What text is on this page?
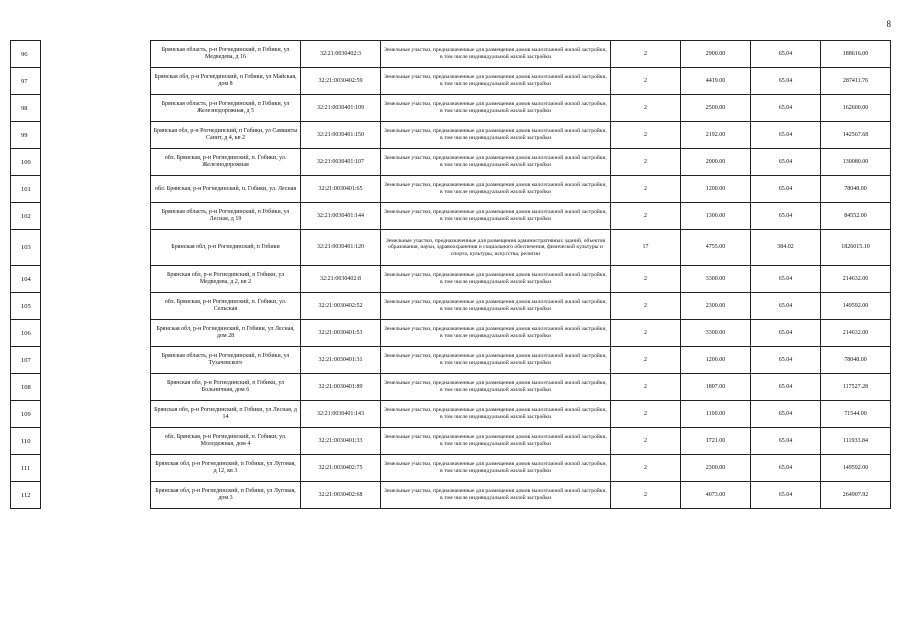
8
96		Брянская область, р-н Рогнединский, п Гобики, ул Медведева, д 16	32:21:0030402:3	Земельные участки, предназначенные для размещения домов малоэтажной жилой застройки, в том числе индивидуальной жилой застройки	2	2900.00	65.04	188616.00
97		Брянская обл, р-н Рогнединский, п Гобики, ул Майская, дом 8	32:21:0030402:59	Земельные участки, предназначенные для размещения домов малоэтажной жилой застройки, в том числе индивидуальной жилой застройки	2	4419.00	65.04	287411.76
98		Брянская область, р-н Рогнединский, п Гобики, ул Железнодорожная, д 5	32:21:0030401:109	Земельные участки, предназначенные для размещения домов малоэтажной жилой застройки, в том числе индивидуальной жилой застройки	2	2500.00	65.04	162600.00
99		Брянская обл, р-н Рогнединский, п Гобики, ул Самшиты Санит, д 4, кв 2	32:21:0030401:150	Земельные участки, предназначенные для размещения домов малоэтажной жилой застройки, в том числе индивидуальной жилой застройки	2	2192.00	65.04	142567.68
100		обл. Брянская, р-н Рогнединский, п. Гобики, ул. Железнодорожная	32:21:0030401:107	Земельные участки, предназначенные для размещения домов малоэтажной жилой застройки, в том числе индивидуальной жилой застройки	2	2000.00	65.04	130080.00
101		обл. Брянская, р-н Рогнединский, п. Гобики, ул. Лесная	32:21:0030401:65	Земельные участки, предназначенные для размещения домов малоэтажной жилой застройки, в том числе индивидуальной жилой застройки	2	1200.00	65.04	78048.00
102		Брянская область, р-н Рогнединский, п Гобики, ул Лесная, д 19	32:21:0030401:144	Земельные участки, предназначенные для размещения домов малоэтажной жилой застройки, в том числе индивидуальной жилой застройки	2	1300.00	65.04	84552.00
103		Брянская обл, р-н Рогнединский, п Гобики	32:21:0030401:120	Земельные участки, предназначенные для размещения административных зданий, объектов образования, науки, здравоохранения и социального обеспечения, физической культуры и спорта, культуры, искусства, религии	17	4755.00	384.02	1826015.10
104		Брянская обл, р-н Рогнединский, п Гобики, ул Медведева, д 2, кв 2	32:21:0030402:8	Земельные участки, предназначенные для размещения домов малоэтажной жилой застройки, в том числе индивидуальной жилой застройки	2	3300.00	65.04	214632.00
105		обл. Брянская, р-н Рогнединский, п. Гобики, ул. Сельская	32:21:0030402:52	Земельные участки, предназначенные для размещения домов малоэтажной жилой застройки, в том числе индивидуальной жилой застройки	2	2300.00	65.04	149592.00
106		Брянская обл, р-н Рогнединский, п Гобики, ул Лесная, дом 28	32:21:0030401:53	Земельные участки, предназначенные для размещения домов малоэтажной жилой застройки, в том числе индивидуальной жилой застройки	2	3300.00	65.04	214632.00
107		Брянская область, р-н Рогнединский, п Гобики, ул Тухачевского	32:21:0030401:31	Земельные участки, предназначенные для размещения домов малоэтажной жилой застройки, в том числе индивидуальной жилой застройки	2	1200.00	65.04	78048.00
108		Брянская обл, р-н Рогнединский, п Гобики, ул Больничная, дом 6	32:21:0030401:89	Земельные участки, предназначенные для размещения домов малоэтажной жилой застройки, в том числе индивидуальной жилой застройки	2	1807.00	65.04	117527.28
109		Брянская обл, р-н Рогнединский, п Гобики, ул Лесная, д 14	32:21:0030401:143	Земельные участки, предназначенные для размещения домов малоэтажной жилой застройки, в том числе индивидуальной жилой застройки	2	1100.00	65.04	71544.00
110		обл. Брянская, р-н Рогнединский, п. Гобики, ул. Молодежная, дом 4	32:21:0030401:33	Земельные участки, предназначенные для размещения домов малоэтажной жилой застройки, в том числе индивидуальной жилой застройки	2	1721.00	65.04	111933.84
111		Брянская обл, р-н Рогнединский, п Гобики, ул Луговая, д 12, кв 3	32:21:0030402:75	Земельные участки, предназначенные для размещения домов малоэтажной жилой застройки, в том числе индивидуальной жилой застройки	2	2300.00	65.04	149592.00
112		Брянская обл, р-н Рогнединский, п Гобики, ул Луговая, дом 3	32:21:0030402:68	Земельные участки, предназначенные для размещения домов малоэтажной жилой застройки, в том числе индивидуальной жилой застройки	2	4073.00	65.04	264907.92
